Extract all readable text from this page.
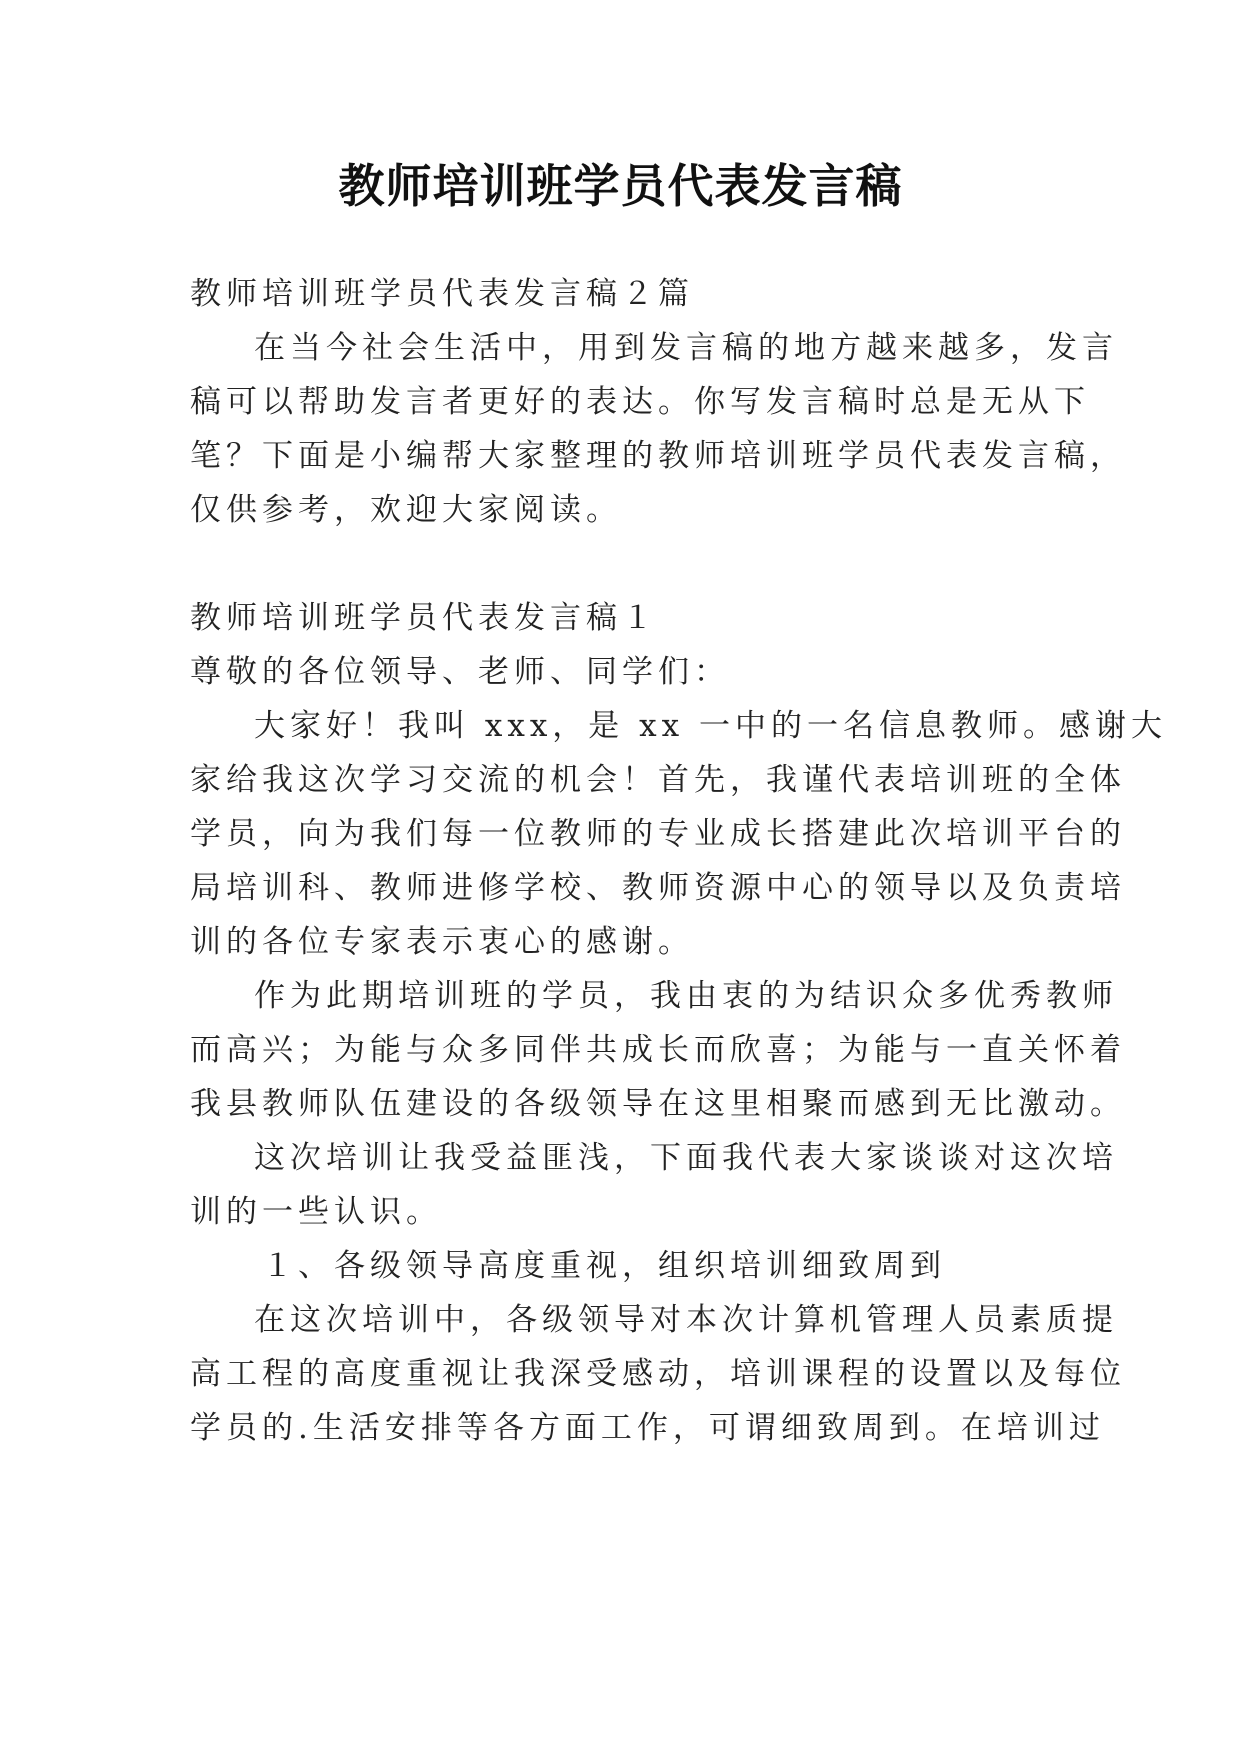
教师培训班学员代表发言稿
教师培训班学员代表发言稿２篇
在当今社会生活中，用到发言稿的地方越来越多，发言
稿可以帮助发言者更好的表达。你写发言稿时总是无从下
笔？下面是小编帮大家整理的教师培训班学员代表发言稿，
仅供参考，欢迎大家阅读。
教师培训班学员代表发言稿１
尊敬的各位领导、老师、同学们：
大家好！我叫 xxx，是 xx 一中的一名信息教师。感谢大
家给我这次学习交流的机会！首先，我谨代表培训班的全体
学员，向为我们每一位教师的专业成长搭建此次培训平台的
局培训科、教师进修学校、教师资源中心的领导以及负责培
训的各位专家表示衷心的感谢。
作为此期培训班的学员，我由衷的为结识众多优秀教师
而高兴；为能与众多同伴共成长而欣喜；为能与一直关怀着
我县教师队伍建设的各级领导在这里相聚而感到无比激动。
这次培训让我受益匪浅，下面我代表大家谈谈对这次培
训的一些认识。
１、各级领导高度重视，组织培训细致周到
在这次培训中，各级领导对本次计算机管理人员素质提
高工程的高度重视让我深受感动，培训课程的设置以及每位
学员的.生活安排等各方面工作，可谓细致周到。在培训过
